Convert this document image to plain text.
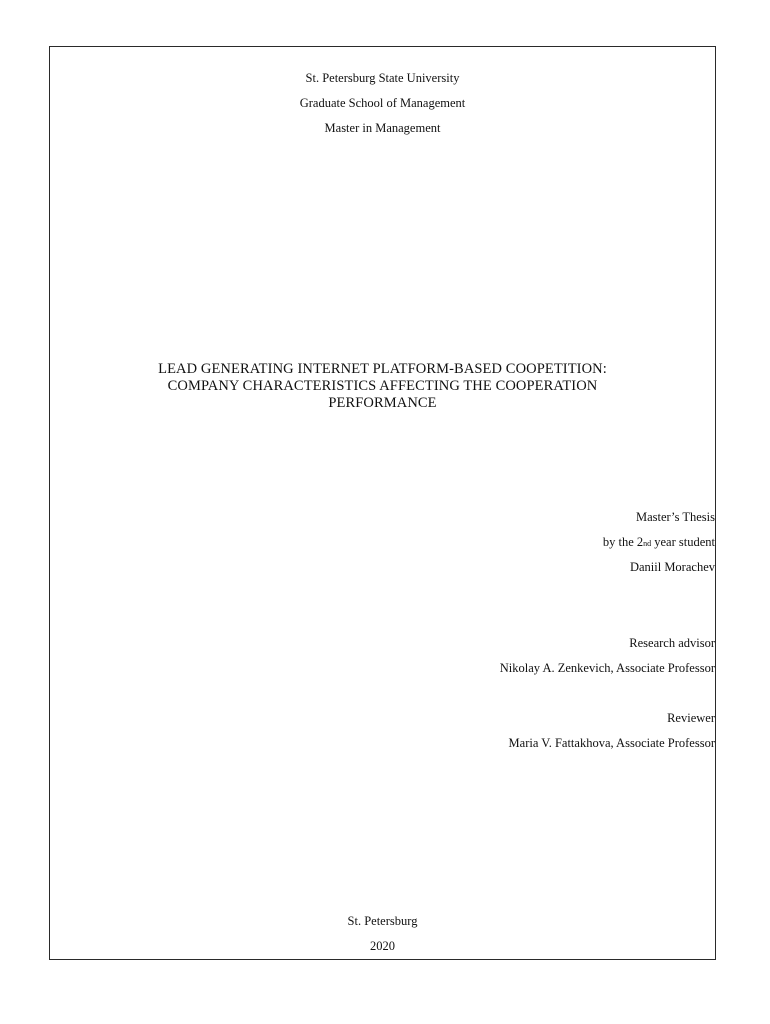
St. Petersburg State University
Graduate School of Management
Master in Management
LEAD GENERATING INTERNET PLATFORM-BASED COOPETITION:
COMPANY CHARACTERISTICS AFFECTING THE COOPERATION
PERFORMANCE
Master’s Thesis
by the 2nd year student
Daniil Morachev
Research advisor
Nikolay A. Zenkevich, Associate Professor
Reviewer
Maria V. Fattakhova, Associate Professor
St. Petersburg
2020
